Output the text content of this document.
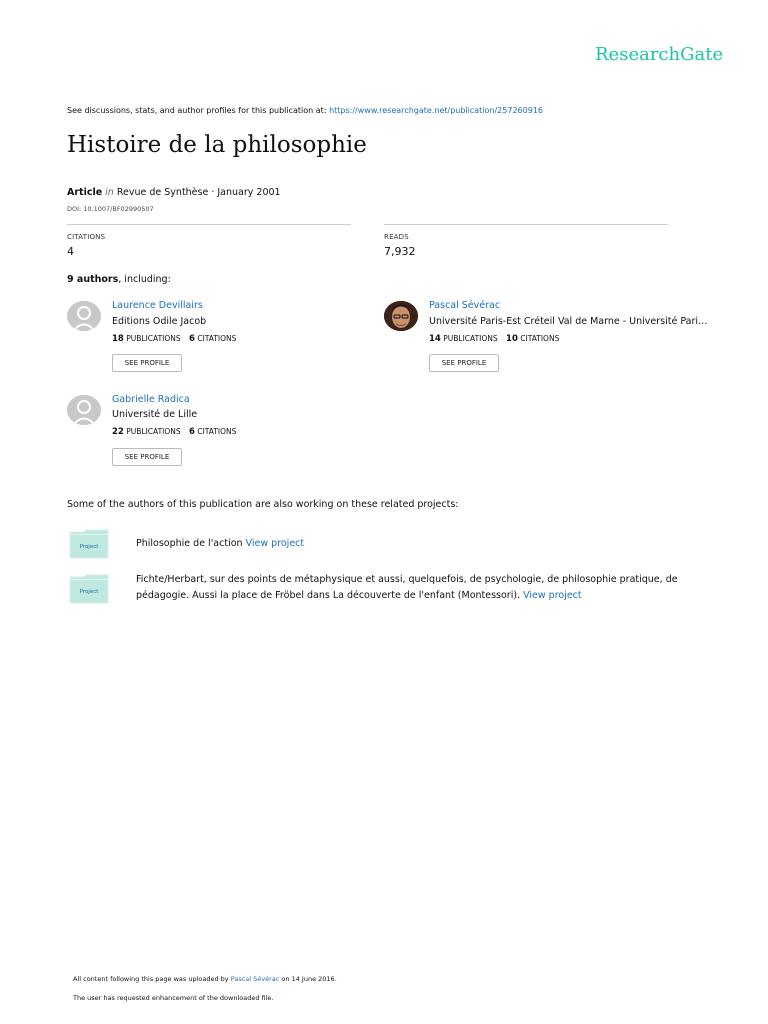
ResearchGate
See discussions, stats, and author profiles for this publication at: https://www.researchgate.net/publication/257260916
Histoire de la philosophie
Article in Revue de Synthèse · January 2001
DOI: 10.1007/BF02990507
CITATIONS
4
READS
7,932
9 authors, including:
Laurence Devillairs
Editions Odile Jacob
18 PUBLICATIONS 6 CITATIONS
SEE PROFILE
Pascal Sévérac
Université Paris-Est Créteil Val de Marne - Université Pari…
14 PUBLICATIONS 10 CITATIONS
SEE PROFILE
Gabrielle Radica
Université de Lille
22 PUBLICATIONS 6 CITATIONS
SEE PROFILE
Some of the authors of this publication are also working on these related projects:
Project	Philosophie de l'action View project
Project
Fichte/Herbart, sur des points de métaphysique et aussi, quelquefois, de psychologie, de philosophie pratique, de pédagogie. Aussi la place de Fröbel dans La découverte de l'enfant (Montessori). View project
All content following this page was uploaded by Pascal Sévérac on 14 June 2016.
The user has requested enhancement of the downloaded file.
